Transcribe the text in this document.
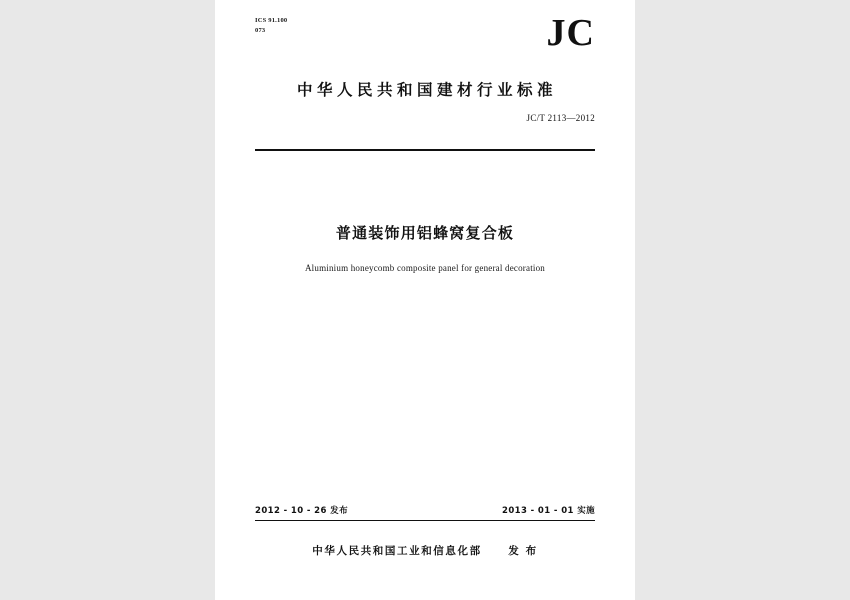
ICS 91.100
073	JC
中华人民共和国建材行业标准
JC/T 2113—2012
普通装饰用铝蜂窝复合板
Aluminium honeycomb composite panel for general decoration
2012 - 10 - 26 发布	2013 - 01 - 01 实施
中华人民共和国工业和信息化部	发 布
